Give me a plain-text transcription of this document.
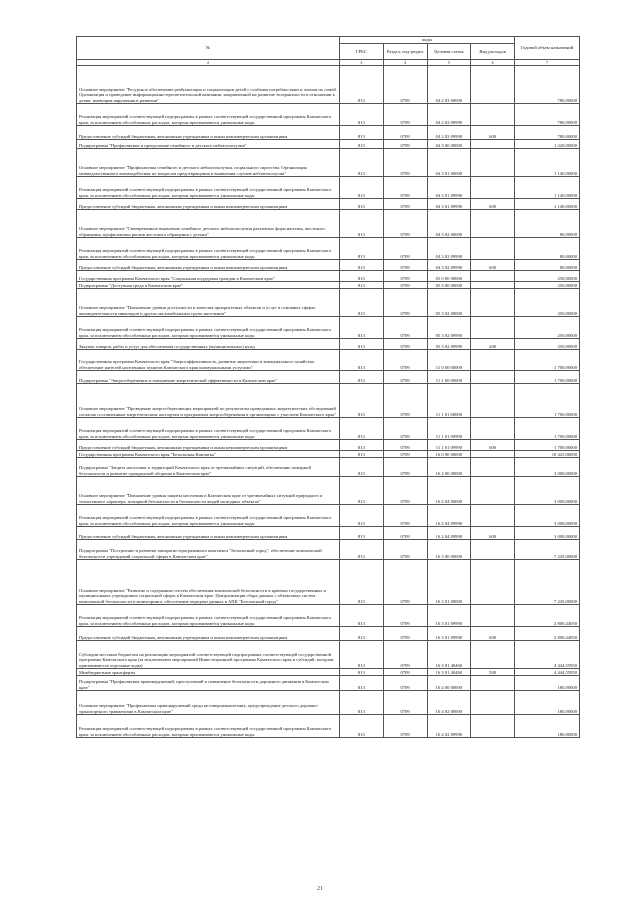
№	коды				Годовой объем назначений
	ГРБС	Раздел, под-раздел	Целевая статья	Вид расходов	
2	3	4	5	6	7
Основное мероприятие "Ресурсное обеспечение реабилитации и социализации детей с особыми потребностями и членов их семей. Организация и проведение информационно-просветительской кампании, направленной на развитие толерантности и отношении к детям, имеющим нарушения в развитии"	813	0709	04 2 03 00000		780,00000
Реализация мероприятий соответствующей подпрограммы в рамках соответствующей государственной программы Камчатского края, за исключением обособленных расходов, которым присваиваются уникальные коды	813	0709	04 2 03 09990		780,00000
Предоставление субсидий бюджетным, автономным учреждениям и иным некоммерческим организациям	813	0709	04 2 03 09990	600	780,00000
Подпрограмма "Профилактика и преодоление семейного и детского неблагополучия"	813	0709	04 3 00 00000		1 220,00000
Основное мероприятие "Профилактика семейного и детского неблагополучия, социального сиротства. Организация межведомственного взаимодействия по вопросам предотвращения и выявления случаев неблагополучия"	813	0709	04 3 01 00000		1 140,00000
Реализация мероприятий соответствующей подпрограммы в рамках соответствующей государственной программы Камчатского края, за исключением обособленных расходов, которым присваиваются уникальные коды	813	0709	04 3 01 09990		1 140,00000
Предоставление субсидий бюджетным, автономным учреждениям и иным некоммерческим организациям	813	0709	04 3 01 09990	600	1 140,00000
Основное мероприятие "Своевременное выявление семейного детского неблагополучия различных форм насилия, жестокого обращения, профилактика рисков жестокого обращения с детьми"	813	0709	04 3 02 00000		80,00000
Реализация мероприятий соответствующей подпрограммы в рамках соответствующей государственной программы Камчатского края, за исключением обособленных расходов, которым присваиваются уникальные коды	813	0709	04 3 02 09990		80,00000
Предоставление субсидий бюджетным, автономным учреждениям и иным некоммерческим организациям	813	0709	04 3 02 09990	600	80,00000
Государственная программа Камчатского края "Социальная поддержка граждан в Камчатском крае"	813	0709	05 0 00 00000		250,00000
Подпрограмма "Доступная среда в Камчатском крае"	813	0709	05 3 00 00000		250,00000
Основное мероприятие "Повышение уровня доступности и качества приоритетных объектов и услуг в основных сферах жизнедеятельности инвалидов и других маломобильных групп населения"	813	0709	05 3 02 00000		250,00000
Реализация мероприятий соответствующей подпрограммы в рамках соответствующей государственной программы Камчатского края, за исключением обособленных расходов, которым присваиваются уникальные коды	813	0709	05 3 02 09990		250,00000
Закупка товаров, работ и услуг для обеспечения государственных (муниципальных) нужд	813	0709	05 3 02 09990	200	250,00000
Государственная программа Камчатского края "Энергоэффективность, развитие энергетики и коммунального хозяйства, обеспечение жителей населенных пунктов Камчатского края коммунальными услугами"	813	0709	11 0 00 00000		1 700,00000
Подпрограмма "Энергосбережение и повышение энергетической эффективности в Камчатском крае"	813	0709	11 1 00 00000		1 700,00000
Основное мероприятие "Проведение энергосберегающих мероприятий по результатам проведенных энергетических обследований согласно составленным энергетическим паспортам и программам энергосбережения в организациях с участием Камчатского края"	813	0709	11 1 01 00000		1 700,00000
Реализация мероприятий соответствующей подпрограммы в рамках соответствующей государственной программы Камчатского края, за исключением обособленных расходов, которым присваиваются уникальные коды	813	0709	11 1 01 09990		1 700,00000
Предоставление субсидий бюджетным, автономным учреждениям и иным некоммерческим организациям	813	0709	11 1 01 09990	600	1 700,00000
Государственная программа Камчатского края "Безопасная Камчатка"	813	0709	16 0 00 00000		10 425,00000
Подпрограмма "Защита населения и территорий Камчатского края от чрезвычайных ситуаций, обеспечение пожарной безопасности и развитие гражданской обороны в Камчатском крае"	813	0709	16 2 00 00000		3 000,00000
Основное мероприятие "Повышение уровня защиты населения в Камчатском крае от чрезвычайных ситуаций природного и техногенного характера, пожарной безопасности и безопасности людей на водных объектах"	813	0709	16 2 04 00000		3 000,00000
Реализация мероприятий соответствующей подпрограммы в рамках соответствующей государственной программы Камчатского края, за исключением обособленных расходов, которым присваиваются уникальные коды	813	0709	16 2 04 09990		3 000,00000
Предоставление субсидий бюджетным, автономным учреждениям и иным некоммерческим организациям	813	0709	16 2 04 09990	600	3 000,00000
Подпрограмма "Построение и развитие аппаратно-программного комплекса "Безопасный город", обеспечение комплексной безопасности учреждений социальной сферы в Камчатском крае"	813	0709	16 3 00 00000		7 245,00000
Основное мероприятие "Развитие и содержание систем обеспечения комплексной безопасности в краевых государственных и муниципальных учреждениях социальной сферы в Камчатском крае. Централизация сбора данных с объектовых систем комплексной безопасности и мониторинга, обеспечение передачи данных в АПК "Безопасный город"	813	0709	16 3 01 00000		7 245,00000
Реализация мероприятий соответствующей подпрограммы в рамках соответствующей государственной программы Камчатского края, за исключением обособленных расходов, которым присваиваются уникальные коды	813	0709	16 3 01 09990		2 800,44050
Предоставление субсидий бюджетным, автономным учреждениям и иным некоммерческим организациям	813	0709	16 3 01 09990	600	2 800,44050
Субсидии местным бюджетам на реализацию мероприятий соответствующей подпрограммы соответствующей государственной программы Камчатского края (за исключением мероприятий Инвестиционной программы Камчатского края и субсидий, которым присваиваются отдельные коды)	813	0709	16 3 01 40460		4 444,55950
Межбюджетные трансферты	813	0709	16 3 01 40460	500	4 444,55950
Подпрограмма "Профилактика правонарушений, преступлений и повышение безопасности дорожного движения в Камчатском крае"	813	0709	16 4 00 00000		180,00000
Основное мероприятие "Профилактика правонарушений среди несовершеннолетних, предупреждение детского дорожно-транспортного травматизма в Камчатском крае"	813	0709	16 4 02 00000		180,00000
Реализация мероприятий соответствующей подпрограммы в рамках соответствующей государственной программы Камчатского края, за исключением обособленных расходов, которым присваиваются уникальные коды	813	0709	16 4 02 09990		180,00000
21
